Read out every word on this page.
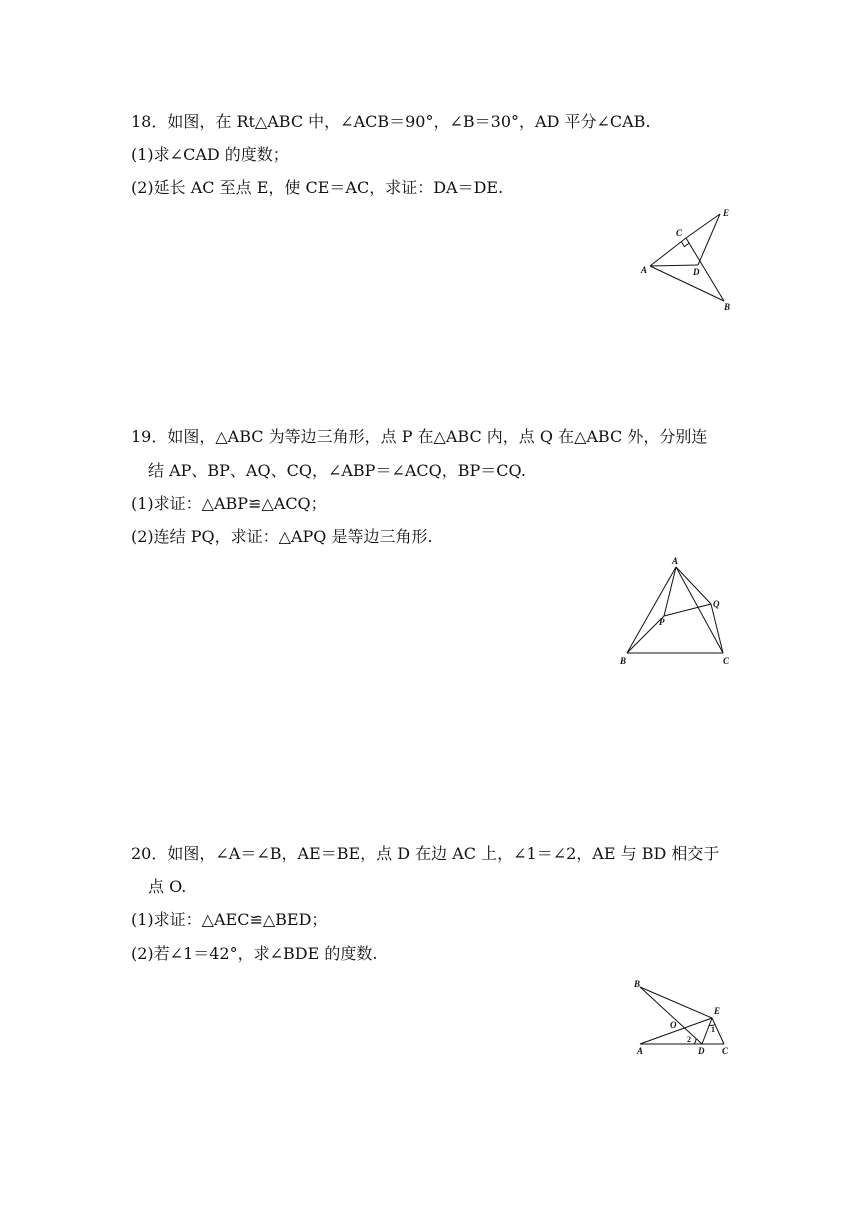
18．如图，在 Rt△ABC 中，∠ACB＝90°，∠B＝30°，AD 平分∠CAB.
(1)求∠CAD 的度数；
(2)延长 AC 至点 E，使 CE＝AC，求证：DA＝DE.
A
B
C
D
E
19．如图，△ABC 为等边三角形，点 P 在△ABC 内，点 Q 在△ABC 外，分别连
结 AP、BP、AQ、CQ，∠ABP＝∠ACQ，BP＝CQ.
(1)求证：△ABP≌△ACQ；
(2)连结 PQ，求证：△APQ 是等边三角形.
A
B	C
P
Q
20．如图，∠A＝∠B，AE＝BE，点 D 在边 AC 上，∠1＝∠2，AE 与 BD 相交于
点 O.
(1)求证：△AEC≌△BED；
(2)若∠1＝42°，求∠BDE 的度数.
B
E
O
A	D C
1
2
